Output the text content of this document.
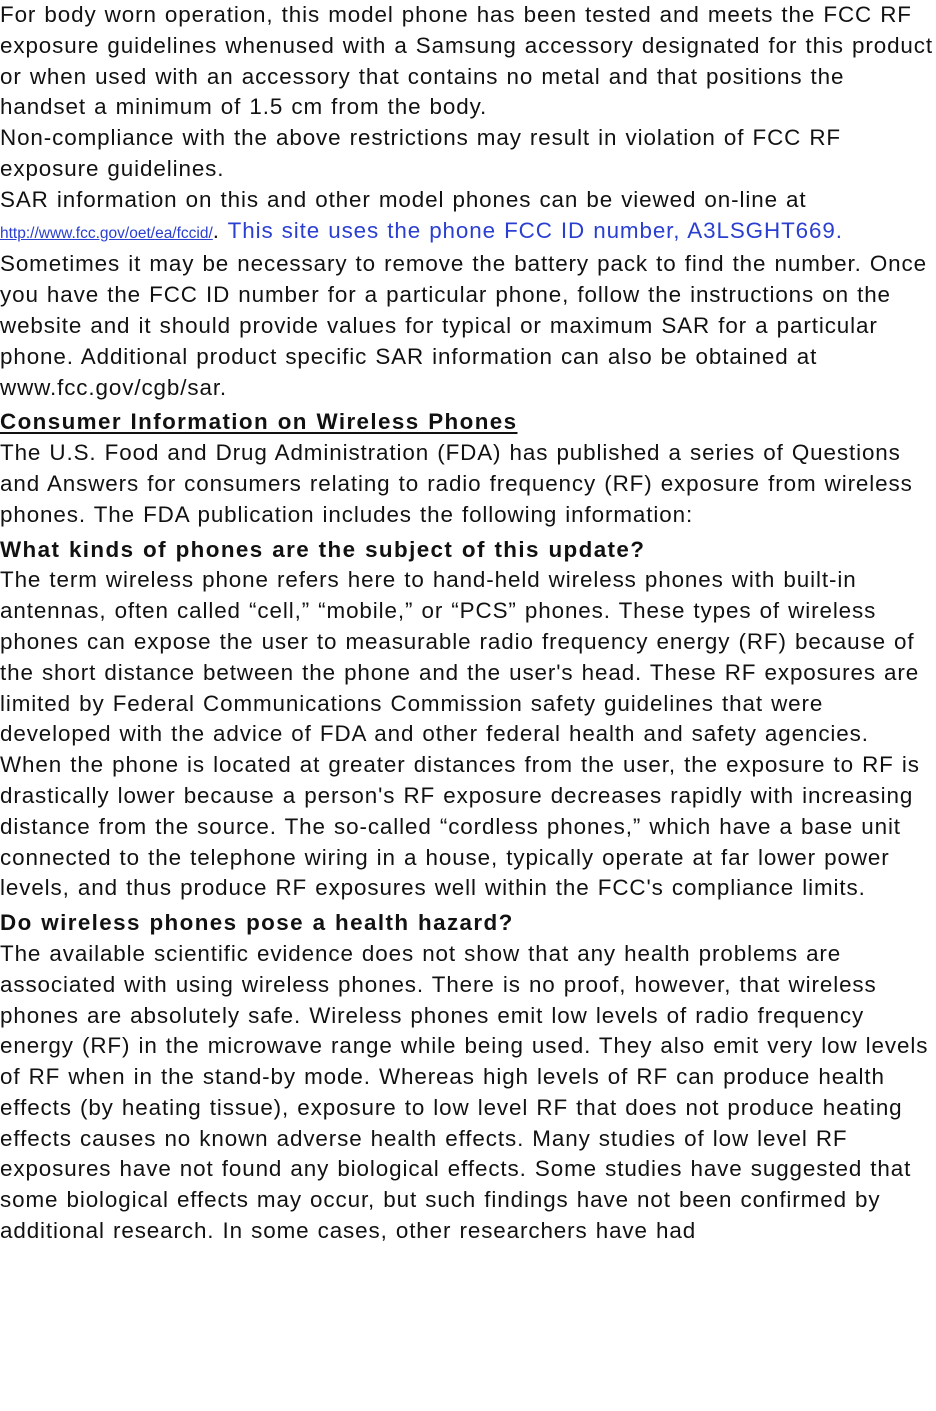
For body worn operation, this model phone has been tested and meets the FCC RF exposure guidelines whenused with a Samsung accessory designated for this product or when used with an accessory that contains no metal and that positions the handset a minimum of 1.5 cm from the body.

Non-compliance with the above restrictions may result in violation of FCC RF exposure guidelines.

SAR information on this and other model phones can be viewed on-line at http://www.fcc.gov/oet/ea/fccid/. This site uses the phone FCC ID number, A3LSGHT669. Sometimes it may be necessary to remove the battery pack to find the number. Once you have the FCC ID number for a particular phone, follow the instructions on the website and it should provide values for typical or maximum SAR for a particular phone. Additional product specific SAR information can also be obtained at www.fcc.gov/cgb/sar.

Consumer Information on Wireless Phones

The U.S. Food and Drug Administration (FDA) has published a series of Questions and Answers for consumers relating to radio frequency (RF) exposure from wireless phones. The FDA publication includes the following information:

What kinds of phones are the subject of this update?

The term wireless phone refers here to hand-held wireless phones with built-in antennas, often called “cell,” “mobile,” or “PCS” phones. These types of wireless phones can expose the user to measurable radio frequency energy (RF) because of the short distance between the phone and the user's head. These RF exposures are limited by Federal Communications Commission safety guidelines that were developed with the advice of FDA and other federal health and safety agencies. When the phone is located at greater distances from the user, the exposure to RF is drastically lower because a person's RF exposure decreases rapidly with increasing distance from the source. The so-called “cordless phones,” which have a base unit connected to the telephone wiring in a house, typically operate at far lower power levels, and thus produce RF exposures well within the FCC's compliance limits.

Do wireless phones pose a health hazard?

The available scientific evidence does not show that any health problems are associated with using wireless phones. There is no proof, however, that wireless phones are absolutely safe. Wireless phones emit low levels of radio frequency energy (RF) in the microwave range while being used. They also emit very low levels of RF when in the stand-by mode. Whereas high levels of RF can produce health effects (by heating tissue), exposure to low level RF that does not produce heating effects causes no known adverse health effects. Many studies of low level RF exposures have not found any biological effects. Some studies have suggested that some biological effects may occur, but such findings have not been confirmed by additional research. In some cases, other researchers have had
